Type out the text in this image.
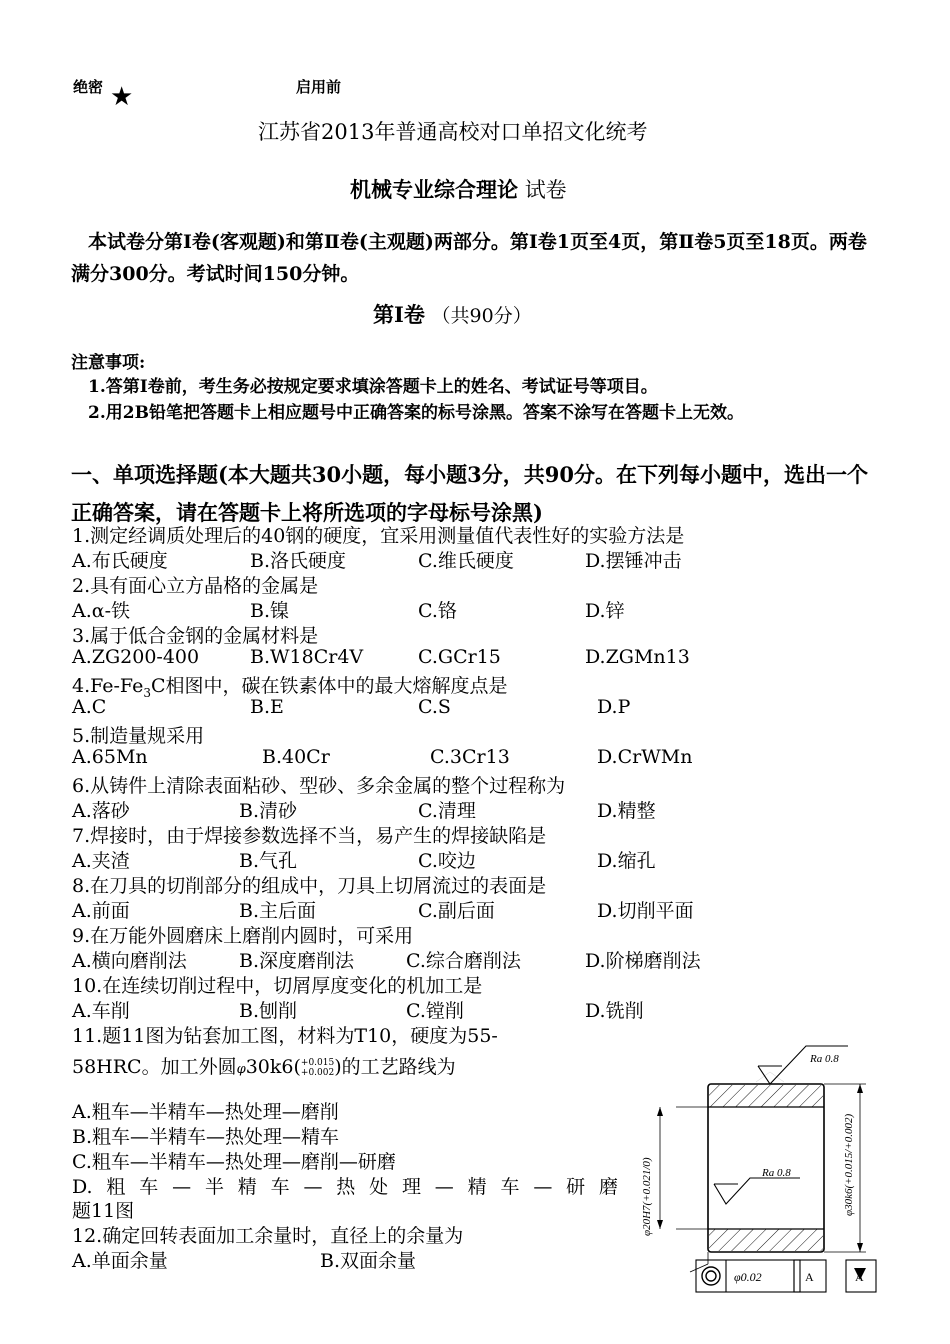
绝密 ★	启用前
江苏省2013年普通高校对口单招文化统考
机械专业综合理论 试卷
本试卷分第Ⅰ卷(客观题)和第Ⅱ卷(主观题)两部分。第Ⅰ卷1页至4页，第Ⅱ卷5页至18页。两卷满分300分。考试时间150分钟。
第Ⅰ卷 （共90分）
注意事项:
1.答第Ⅰ卷前，考生务必按规定要求填涂答题卡上的姓名、考试证号等项目。
2.用2B铅笔把答题卡上相应题号中正确答案的标号涂黑。答案不涂写在答题卡上无效。
一、单项选择题(本大题共30小题，每小题3分，共90分。在下列每小题中，选出一个正确答案，请在答题卡上将所选项的字母标号涂黑)
1.测定经调质处理后的40钢的硬度，宜采用测量值代表性好的实验方法是
A.布氏硬度	B.洛氏硬度	C.维氏硬度	D.摆锤冲击
2.具有面心立方晶格的金属是
A.α-铁	B.镍	C.铬	D.锌
3.属于低合金钢的金属材料是
A.ZG200-400	B.W18Cr4V	C.GCr15	D.ZGMn13
$4.Fe-Fe_3C$相图中，碳在铁素体中的最大熔解度点是
A.C	B.E	C.S	D.P
5.制造量规采用
A.65Mn	B.40Cr	C.3Cr13	D.CrWMn
6.从铸件上清除表面粘砂、型砂、多余金属的整个过程称为
A.落砂	B.清砂	C.清理	D.精整
7.焊接时，由于焊接参数选择不当，易产生的焊接缺陷是
A.夹渣	B.气孔	C.咬边	D.缩孔
8.在刀具的切削部分的组成中，刀具上切屑流过的表面是
A.前面	B.主后面	C.副后面	D.切削平面
9.在万能外圆磨床上磨削内圆时，可采用
A.横向磨削法	B.深度磨削法	C.综合磨削法	D.阶梯磨削法
10.在连续切削过程中，切屑厚度变化的机加工是
A.车削	B.刨削	C.镗削	D.铣削
11.题11图为钻套加工图，材料为T10，硬度为55-
58HRC。加工外圆φ30k6(+0.015
+0.002)的工艺路线为
A.粗车—半精车—热处理—磨削
B.粗车—半精车—热处理—精车
C.粗车—半精车—热处理—磨削—研磨
D.粗车—半精车—热处理—精车—研磨
题11图
12.确定回转表面加工余量时，直径上的余量为
A.单面余量	B.双面余量
Ra 0.8
Ra 0.8
φ20H7(+0.021/0)	φ30k6(+0.015/+0.002)
φ0.02	A	A
